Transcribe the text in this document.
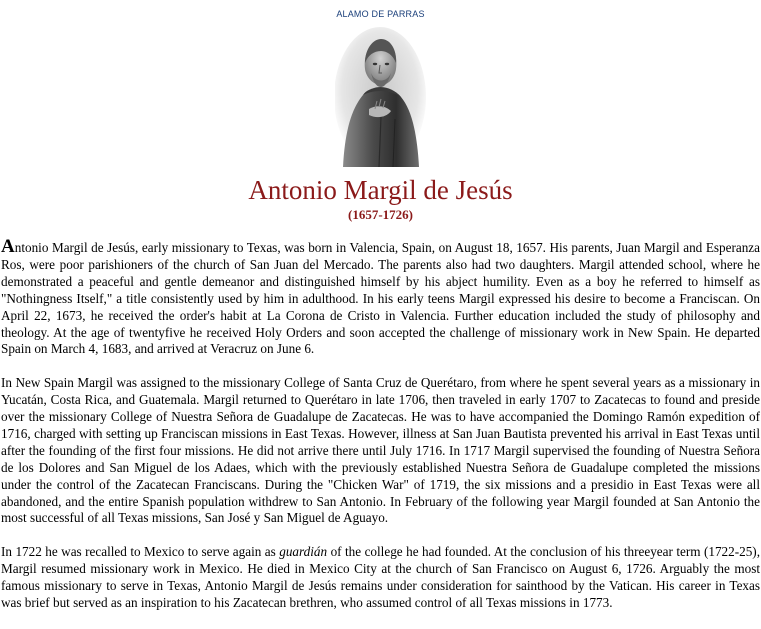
ALAMO DE PARRAS
Antonio Margil de Jesús
(1657-1726)

Antonio Margil de Jesús, early missionary to Texas, was born in Valencia, Spain, on August 18, 1657. His parents, Juan Margil and Esperanza Ros, were poor parishioners of the church of San Juan del Mercado. The parents also had two daughters. Margil attended school, where he demonstrated a peaceful and gentle demeanor and distinguished himself by his abject humility. Even as a boy he referred to himself as "Nothingness Itself," a title consistently used by him in adulthood. In his early teens Margil expressed his desire to become a Franciscan. On April 22, 1673, he received the order's habit at La Corona de Cristo in Valencia. Further education included the study of philosophy and theology. At the age of twentyfive he received Holy Orders and soon accepted the challenge of missionary work in New Spain. He departed Spain on March 4, 1683, and arrived at Veracruz on June 6.

In New Spain Margil was assigned to the missionary College of Santa Cruz de Querétaro, from where he spent several years as a missionary in Yucatán, Costa Rica, and Guatemala. Margil returned to Querétaro in late 1706, then traveled in early 1707 to Zacatecas to found and preside over the missionary College of Nuestra Señora de Guadalupe de Zacatecas. He was to have accompanied the Domingo Ramón expedition of 1716, charged with setting up Franciscan missions in East Texas. However, illness at San Juan Bautista prevented his arrival in East Texas until after the founding of the first four missions. He did not arrive there until July 1716. In 1717 Margil supervised the founding of Nuestra Señora de los Dolores and San Miguel de los Adaes, which with the previously established Nuestra Señora de Guadalupe completed the missions under the control of the Zacatecan Franciscans. During the "Chicken War" of 1719, the six missions and a presidio in East Texas were all abandoned, and the entire Spanish population withdrew to San Antonio. In February of the following year Margil founded at San Antonio the most successful of all Texas missions, San José y San Miguel de Aguayo.

In 1722 he was recalled to Mexico to serve again as guardián of the college he had founded. At the conclusion of his threeyear term (1722-25), Margil resumed missionary work in Mexico. He died in Mexico City at the church of San Francisco on August 6, 1726. Arguably the most famous missionary to serve in Texas, Antonio Margil de Jesús remains under consideration for sainthood by the Vatican. His career in Texas was brief but served as an inspiration to his Zacatecan brethren, who assumed control of all Texas missions in 1773.
